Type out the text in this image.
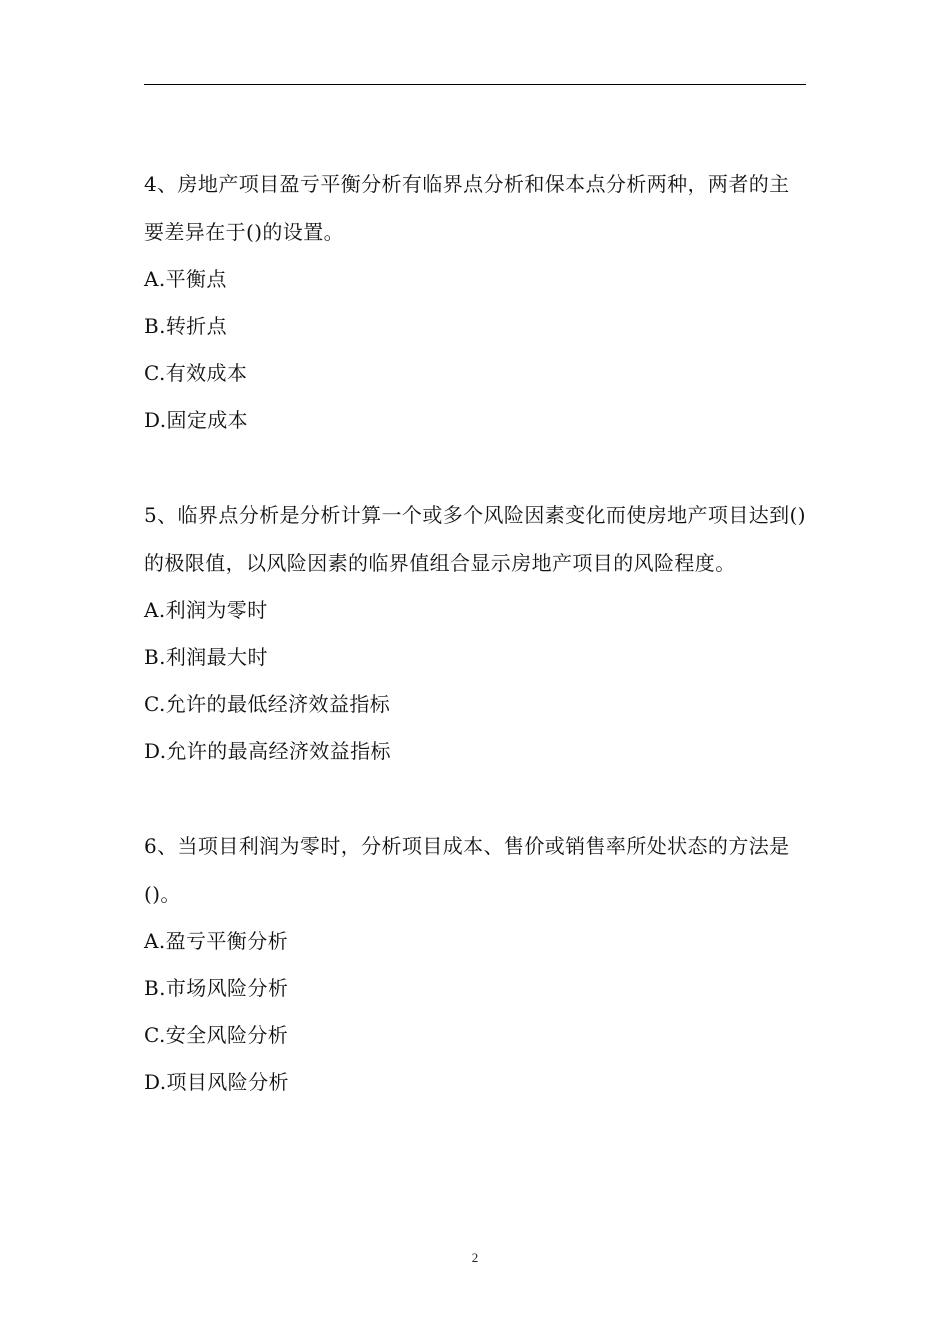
4、房地产项目盈亏平衡分析有临界点分析和保本点分析两种，两者的主要差异在于()的设置。

A.平衡点

B.转折点

C.有效成本

D.固定成本

5、临界点分析是分析计算一个或多个风险因素变化而使房地产项目达到()的极限值，以风险因素的临界值组合显示房地产项目的风险程度。

A.利润为零时

B.利润最大时

C.允许的最低经济效益指标

D.允许的最高经济效益指标

6、当项目利润为零时，分析项目成本、售价或销售率所处状态的方法是()。

A.盈亏平衡分析

B.市场风险分析

C.安全风险分析

D.项目风险分析

2
